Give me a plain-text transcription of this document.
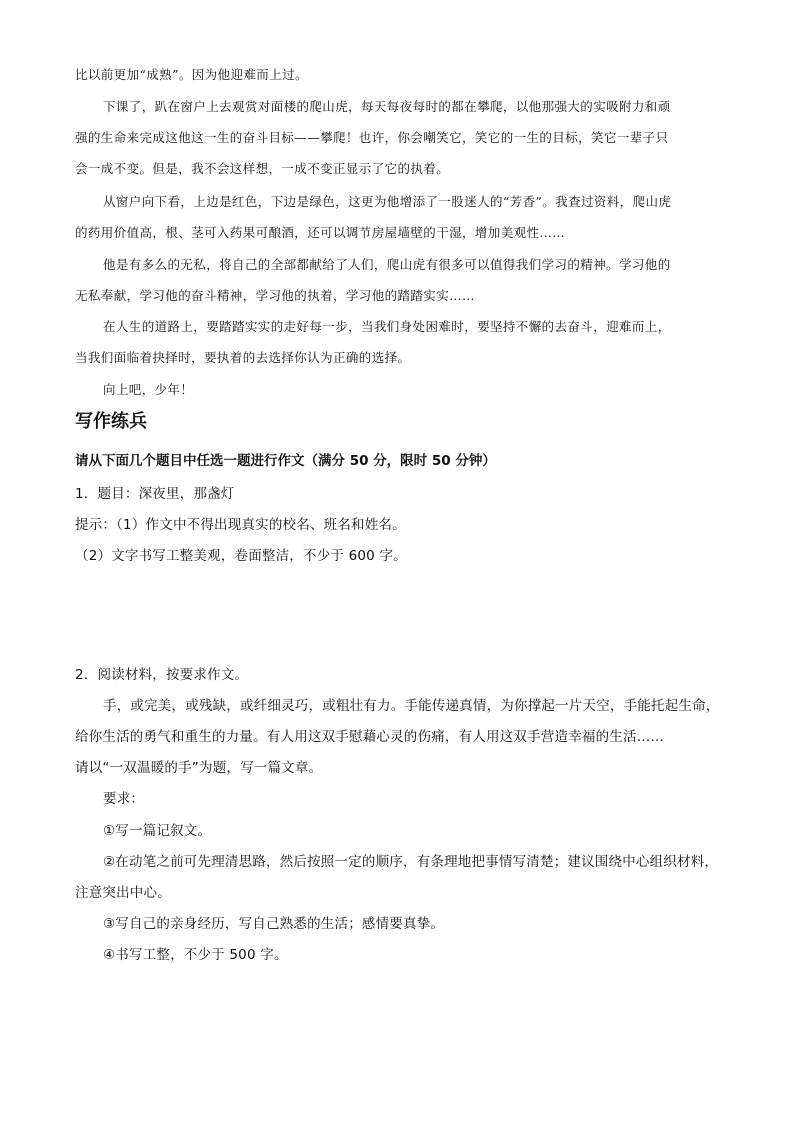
比以前更加“成熟”。因为他迎难而上过。
下课了，趴在窗户上去观赏对面楼的爬山虎，每天每夜每时的都在攀爬，以他那强大的实吸附力和顽
强的生命来完成这他这一生的奋斗目标——攀爬！也许，你会嘲笑它，笑它的一生的目标，笑它一辈子只
会一成不变。但是，我不会这样想，一成不变正显示了它的执着。
从窗户向下看，上边是红色，下边是绿色，这更为他增添了一股迷人的“芳香”。我查过资料，爬山虎
的药用价值高，根、茎可入药果可酿酒，还可以调节房屋墙壁的干湿，增加美观性……
他是有多么的无私，将自己的全部都献给了人们，爬山虎有很多可以值得我们学习的精神。学习他的
无私奉献，学习他的奋斗精神，学习他的执着，学习他的踏踏实实……
在人生的道路上，要踏踏实实的走好每一步，当我们身处困难时，要坚持不懈的去奋斗，迎难而上，
当我们面临着抉择时，要执着的去选择你认为正确的选择。
向上吧，少年！
写作练兵
请从下面几个题目中任选一题进行作文（满分 50 分，限时 50 分钟）
1．题目：深夜里，那盏灯
提示：（1）作文中不得出现真实的校名、班名和姓名。
（2）文字书写工整美观，卷面整洁，不少于 600 字。
2．阅读材料，按要求作文。
手，或完美，或残缺，或纤细灵巧，或粗壮有力。手能传递真情，为你撑起一片天空，手能托起生命，
给你生活的勇气和重生的力量。有人用这双手慰藉心灵的伤痛，有人用这双手营造幸福的生活……
请以“一双温暖的手”为题，写一篇文章。
要求：
①写一篇记叙文。
②在动笔之前可先理清思路，然后按照一定的顺序，有条理地把事情写清楚；建议围绕中心组织材料，
注意突出中心。
③写自己的亲身经历，写自己熟悉的生活；感情要真挚。
④书写工整，不少于 500 字。
